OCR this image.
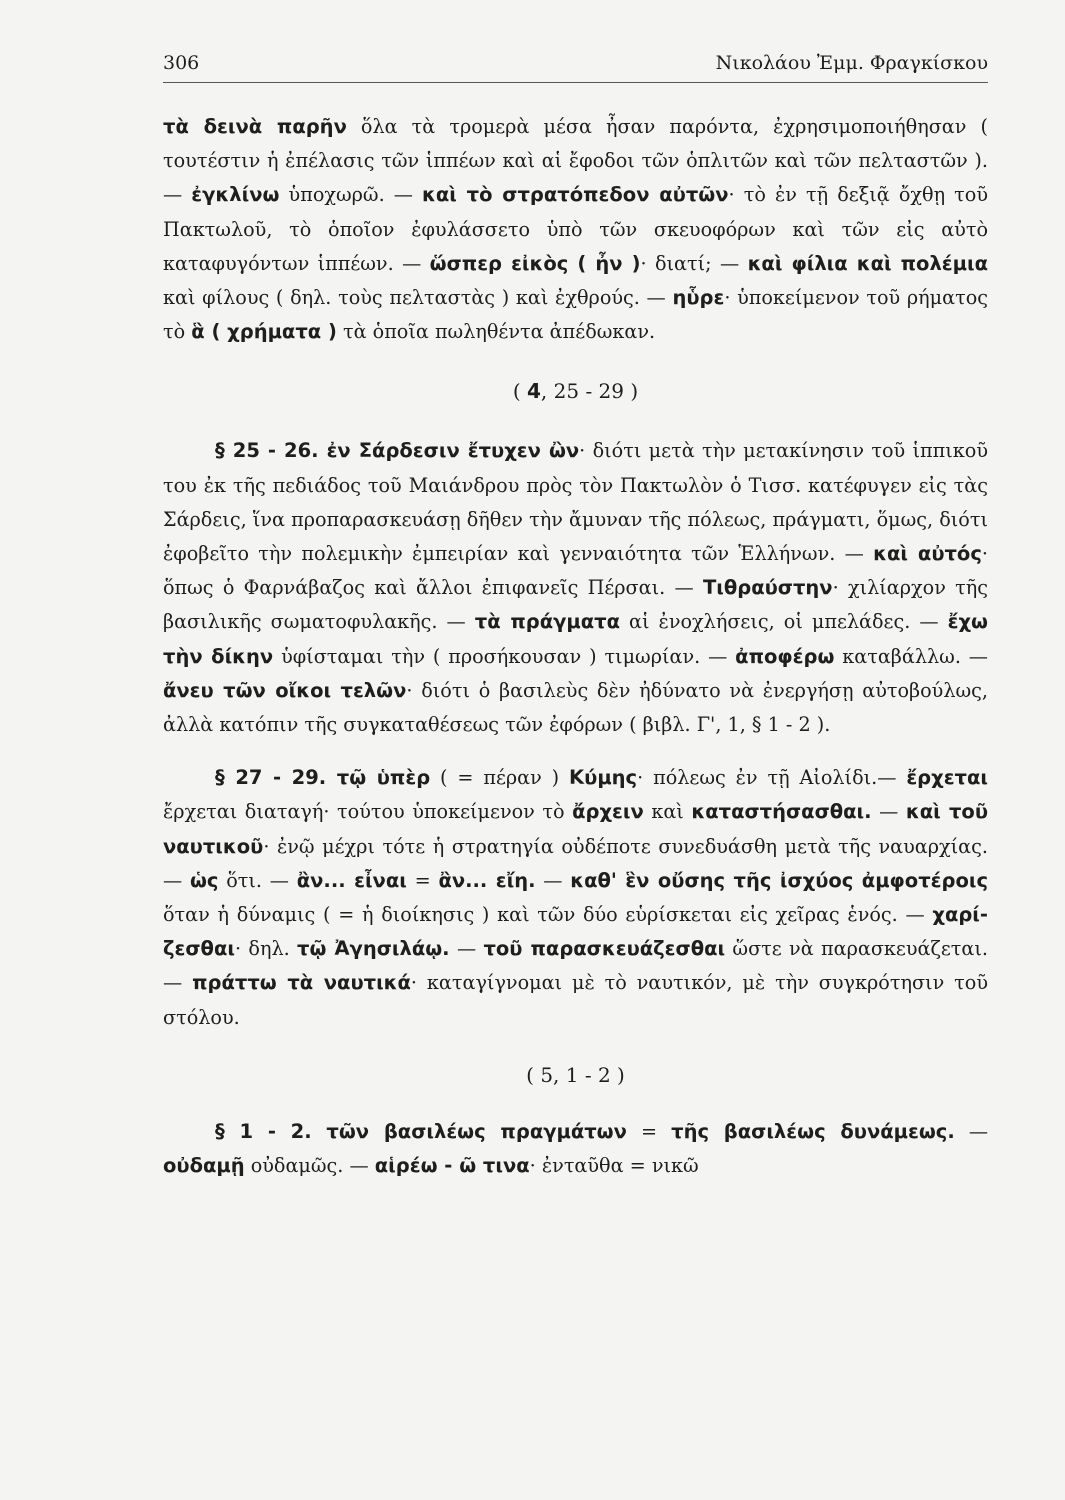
306	Νικολάου Ἐμμ. Φραγκίσκου

τὰ δεινὰ παρῆν ὅλα τὰ τρομερὰ μέσα ἦσαν παρόντα, ἐχρησιμοποιήθησαν ( τουτέστιν ἡ ἐπέλασις τῶν ἱππέων καὶ αἱ ἔφοδοι τῶν ὁπλιτῶν καὶ τῶν πελταστῶν ). — ἐγκλίνω ὑποχωρῶ. — καὶ τὸ στρατόπεδον αὐτῶν· τὸ ἐν τῇ δεξιᾷ ὄχθῃ τοῦ Πακτωλοῦ, τὸ ὁποῖον ἐφυλάσσετο ὑπὸ τῶν σκευοφόρων καὶ τῶν εἰς αὐτὸ καταφυγόντων ἱππέων. — ὥσπερ εἰκὸς ( ἦν )· διατί; — καὶ φίλια καὶ πολέμια καὶ φίλους ( δηλ. τοὺς πελταστὰς ) καὶ ἐχθρούς. — ηὗρε· ὑποκείμενον τοῦ ρήματος τὸ ἃ ( χρήματα ) τὰ ὁποῖα πωληθέντα ἀπέδωκαν.

( 4, 25 - 29 )

§ 25 - 26. ἐν Σάρδεσιν ἔτυχεν ὢν· διότι μετὰ τὴν μετακίνησιν τοῦ ἱππικοῦ του ἐκ τῆς πεδιάδος τοῦ Μαιάνδρου πρὸς τὸν Πακτωλὸν ὁ Τισσ. κατέφυγεν εἰς τὰς Σάρδεις, ἵνα προπαρασκευάσῃ δῆθεν τὴν ἄμυναν τῆς πόλεως, πράγματι, ὅμως, διότι ἐφοβεῖτο τὴν πολεμικὴν ἐμπειρίαν καὶ γενναιότητα τῶν Ἑλλήνων. — καὶ αὐτός· ὅπως ὁ Φαρνάβαζος καὶ ἄλλοι ἐπιφανεῖς Πέρσαι. — Τιθραύστην· χιλίαρχον τῆς βασιλικῆς σωματοφυλακῆς. — τὰ πράγματα αἱ ἐνοχλήσεις, οἱ μπελάδες. — ἔχω τὴν δίκην ὑφίσταμαι τὴν ( προσήκουσαν ) τιμωρίαν. — ἀποφέρω καταβάλλω. — ἄνευ τῶν οἴκοι τελῶν· διότι ὁ βασιλεὺς δὲν ἠδύνατο νὰ ἐνεργήσῃ αὐτοβούλως, ἀλλὰ κατόπιν τῆς συγκαταθέσεως τῶν ἐφόρων ( βιβλ. Γ', 1, § 1 - 2 ).

§ 27 - 29. τῷ ὑπὲρ ( = πέραν ) Κύμης· πόλεως ἐν τῇ Αἰολίδι.— ἔρχεται ἔρχεται διαταγή· τούτου ὑποκείμενον τὸ ἄρχειν καὶ καταστήσασθαι. — καὶ τοῦ ναυτικοῦ· ἐνῷ μέχρι τότε ἡ στρατηγία οὐδέποτε συνεδυάσθη μετὰ τῆς ναυαρχίας. — ὡς ὅτι. — ἂν... εἶναι = ἂν... εἴη. — καθ' ἓν οὔσης τῆς ἰσχύος ἀμφοτέροις ὅταν ἡ δύναμις ( = ἡ διοίκησις ) καὶ τῶν δύο εὑρίσκεται εἰς χεῖρας ἑνός. — χαρίζεσθαι· δηλ. τῷ Ἀγησιλάῳ. — τοῦ παρασκευάζεσθαι ὥστε νὰ παρασκευάζεται. — πράττω τὰ ναυτικά· καταγίγνομαι μὲ τὸ ναυτικόν, μὲ τὴν συγκρότησιν τοῦ στόλου.

( 5, 1 - 2 )

§ 1 - 2. τῶν βασιλέως πραγμάτων = τῆς βασιλέως δυνάμεως. — οὐδαμῇ οὐδαμῶς. — αἱρέω - ῶ τινα· ἐνταῦθα = νικῶ
